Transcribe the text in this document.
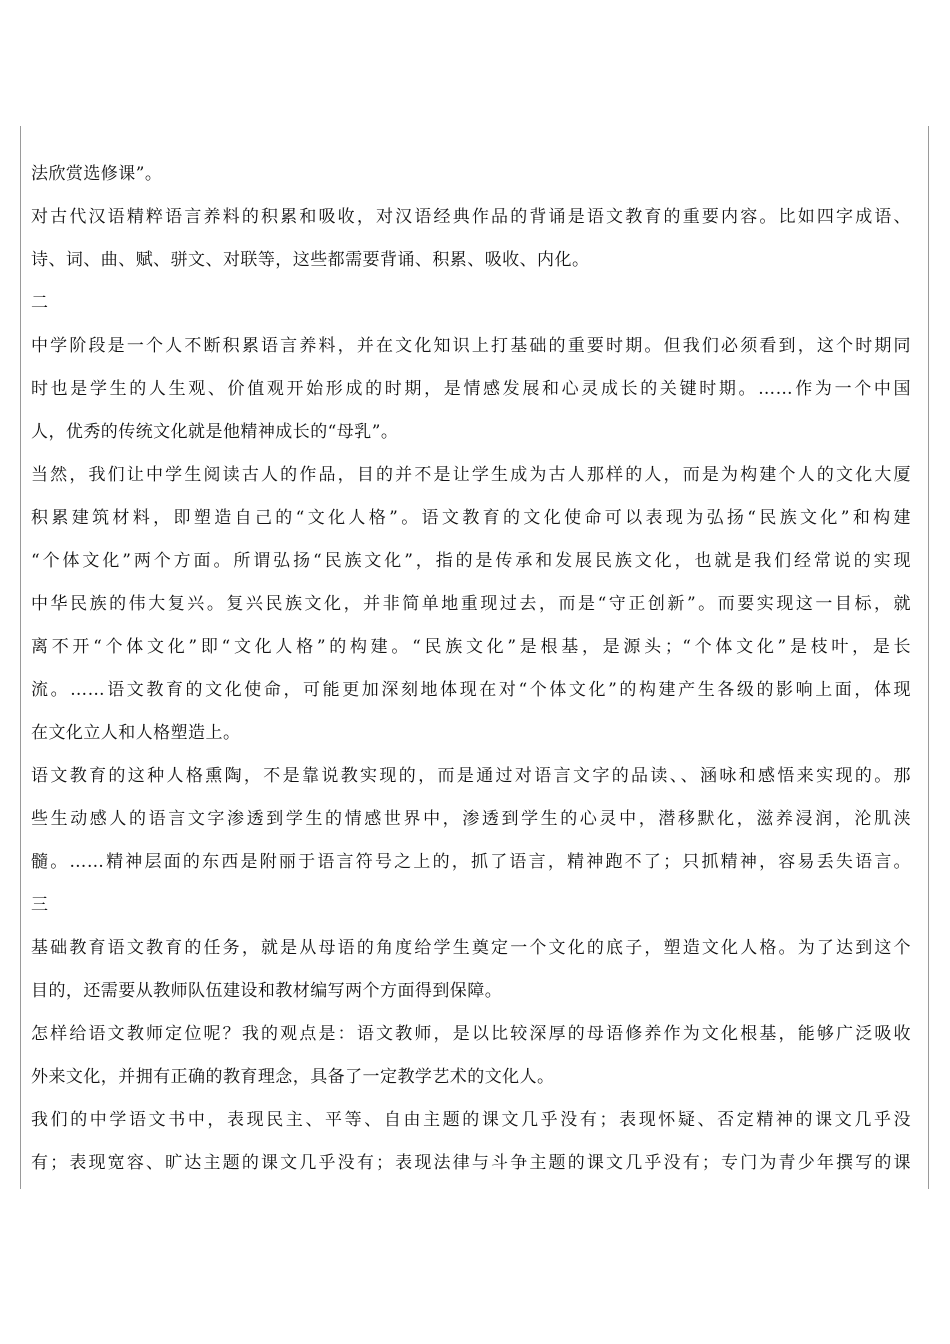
法欣赏选修课”。
对古代汉语精粹语言养料的积累和吸收，对汉语经典作品的背诵是语文教育的重要内容。比如四字成语、
诗、词、曲、赋、骈文、对联等，这些都需要背诵、积累、吸收、内化。
二
中学阶段是一个人不断积累语言养料，并在文化知识上打基础的重要时期。但我们必须看到，这个时期同
时也是学生的人生观、价值观开始形成的时期，是情感发展和心灵成长的关键时期。……作为一个中国
人，优秀的传统文化就是他精神成长的“母乳”。
当然，我们让中学生阅读古人的作品，目的并不是让学生成为古人那样的人，而是为构建个人的文化大厦
积累建筑材料，即塑造自己的“文化人格”。语文教育的文化使命可以表现为弘扬“民族文化”和构建
“个体文化”两个方面。所谓弘扬“民族文化”，指的是传承和发展民族文化，也就是我们经常说的实现
中华民族的伟大复兴。复兴民族文化，并非简单地重现过去，而是“守正创新”。而要实现这一目标，就
离不开“个体文化”即“文化人格”的构建。“民族文化”是根基，是源头；“个体文化”是枝叶，是长
流。……语文教育的文化使命，可能更加深刻地体现在对“个体文化”的构建产生各级的影响上面，体现
在文化立人和人格塑造上。
语文教育的这种人格熏陶，不是靠说教实现的，而是通过对语言文字的品读、、涵咏和感悟来实现的。那
些生动感人的语言文字渗透到学生的情感世界中，渗透到学生的心灵中，潜移默化，滋养浸润，沦肌浃
髓。……精神层面的东西是附丽于语言符号之上的，抓了语言，精神跑不了；只抓精神，容易丢失语言。
三
基础教育语文教育的任务，就是从母语的角度给学生奠定一个文化的底子，塑造文化人格。为了达到这个
目的，还需要从教师队伍建设和教材编写两个方面得到保障。
怎样给语文教师定位呢？我的观点是：语文教师，是以比较深厚的母语修养作为文化根基，能够广泛吸收
外来文化，并拥有正确的教育理念，具备了一定教学艺术的文化人。
我们的中学语文书中，表现民主、平等、自由主题的课文几乎没有；表现怀疑、否定精神的课文几乎没
有；表现宽容、旷达主题的课文几乎没有；表现法律与斗争主题的课文几乎没有；专门为青少年撰写的课
